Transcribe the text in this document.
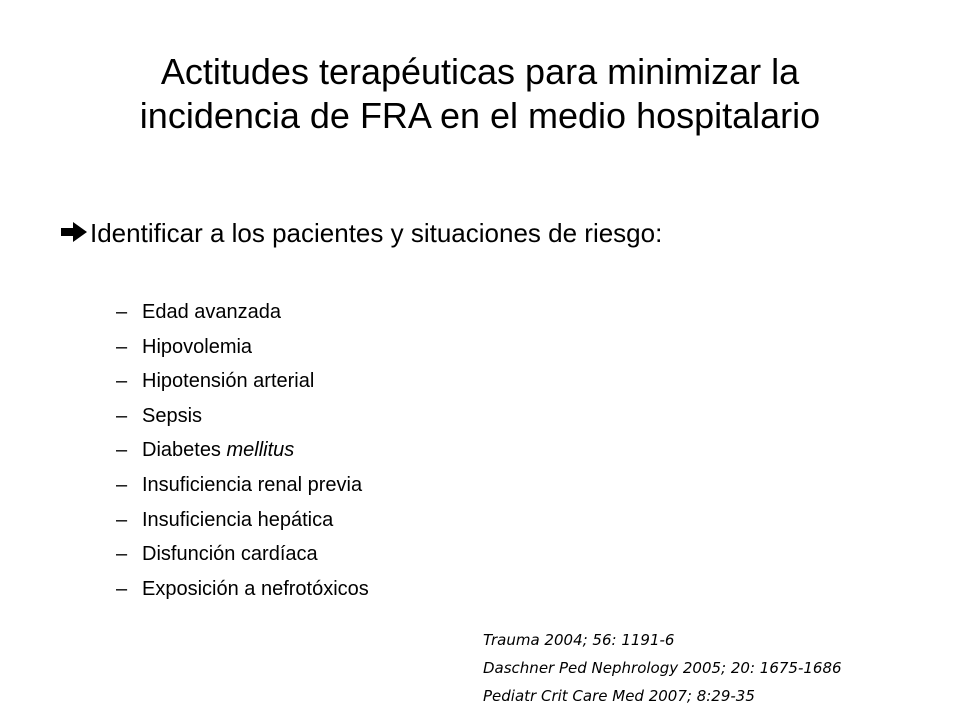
Actitudes terapéuticas para minimizar la
incidencia de FRA en el medio hospitalario
Identificar a los pacientes y situaciones de riesgo:
– Edad avanzada
– Hipovolemia
– Hipotensión arterial
– Sepsis
– Diabetes mellitus
– Insuficiencia renal previa
– Insuficiencia hepática
– Disfunción cardíaca
– Exposición a nefrotóxicos
Trauma 2004; 56: 1191-6
Daschner Ped Nephrology 2005; 20: 1675-1686
Pediatr Crit Care Med 2007; 8:29-35
